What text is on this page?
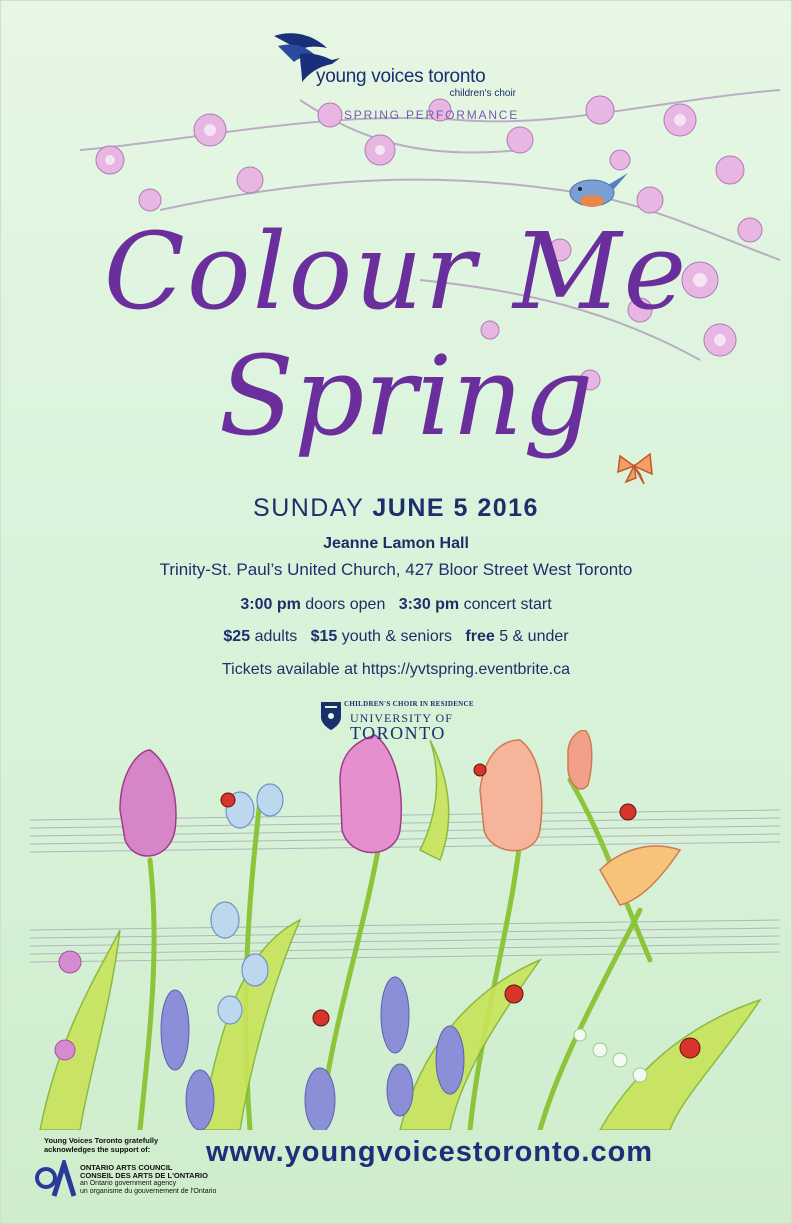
young voices toronto
children's choir
SPRING PERFORMANCE
Colour Me
Spring
SUNDAY JUNE 5 2016
Jeanne Lamon Hall
Trinity-St. Paul’s United Church, 427 Bloor Street West Toronto
3:00 pm doors open 3:30 pm concert start
$25 adults $15 youth & seniors free 5 & under
Tickets available at https://yvtspring.eventbrite.ca
CHILDREN'S CHOIR IN RESIDENCE
UNIVERSITY OF
TORONTO
Young Voices Toronto gratefully
acknowledges the support of:
ONTARIO ARTS COUNCIL
CONSEIL DES ARTS DE L'ONTARIO
an Ontario government agency
un organisme du gouvernement de l'Ontario
www.youngvoicestoronto.com
